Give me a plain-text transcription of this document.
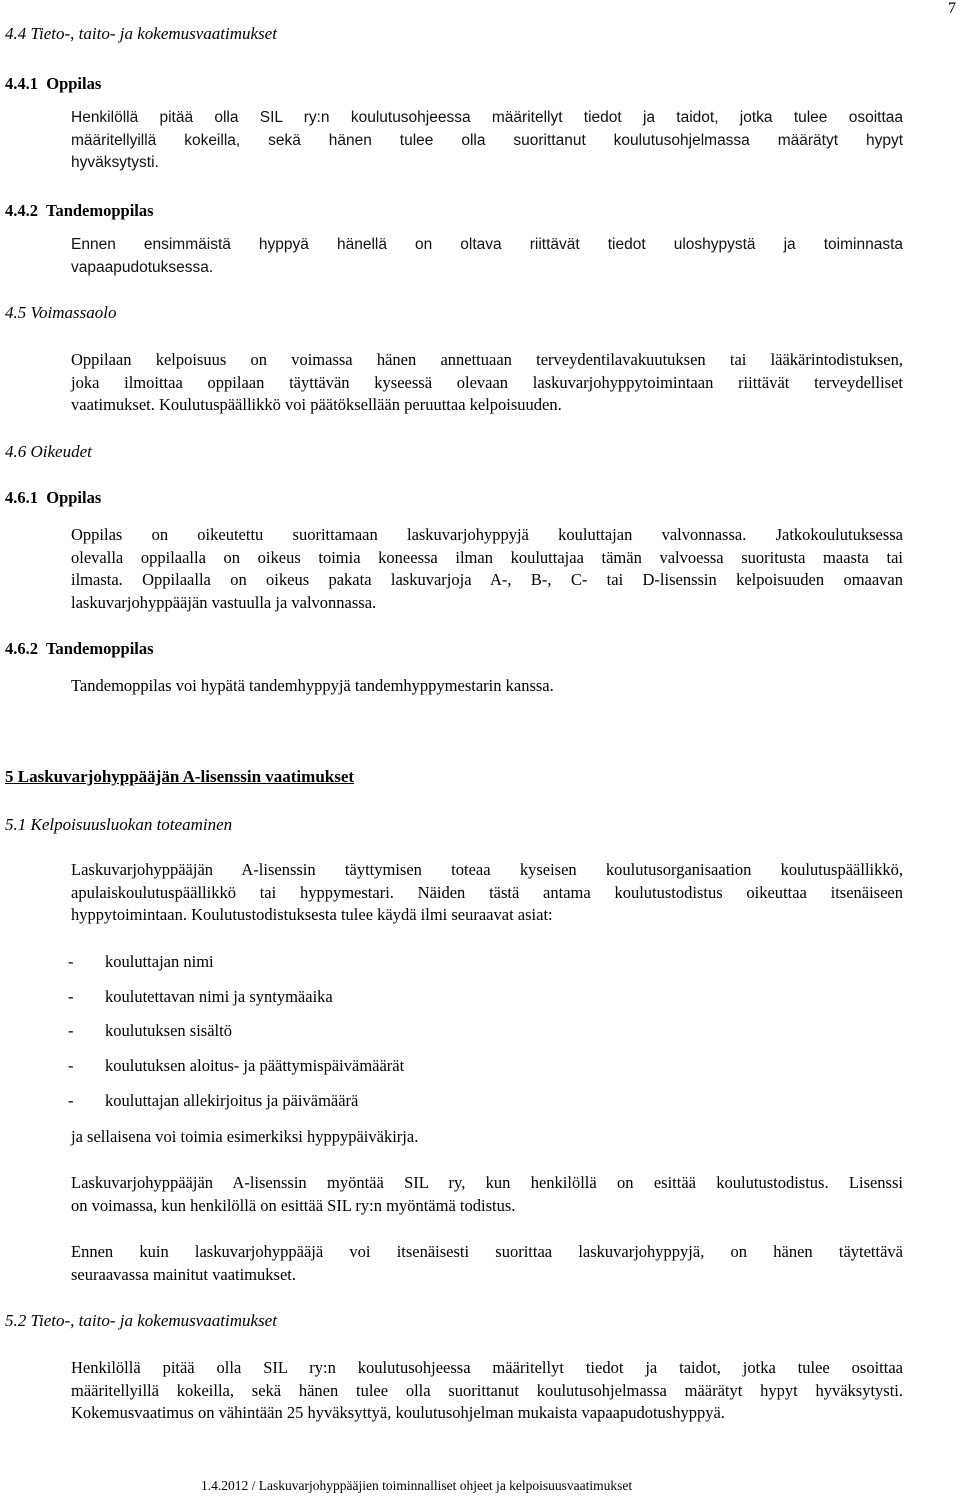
7
4.4 Tieto-, taito- ja kokemusvaatimukset
4.4.1 Oppilas
Henkilöllä pitää olla SIL ry:n koulutusohjeessa määritellyt tiedot ja taidot, jotka tulee osoittaa
määritellyillä kokeilla, sekä hänen tulee olla suorittanut koulutusohjelmassa määrätyt hypyt
hyväksytysti.
4.4.2 Tandemoppilas
Ennen ensimmäistä hyppyä hänellä on oltava riittävät tiedot uloshypystä ja toiminnasta
vapaapudotuksessa.
4.5 Voimassaolo
Oppilaan kelpoisuus on voimassa hänen annettuaan terveydentilavakuutuksen tai lääkärintodistuksen,
joka ilmoittaa oppilaan täyttävän kyseessä olevaan laskuvarjohyppytoimintaan riittävät terveydelliset
vaatimukset. Koulutuspäällikkö voi päätöksellään peruuttaa kelpoisuuden.
4.6 Oikeudet
4.6.1 Oppilas
Oppilas on oikeutettu suorittamaan laskuvarjohyppyjä kouluttajan valvonnassa. Jatkokoulutuksessa
olevalla oppilaalla on oikeus toimia koneessa ilman kouluttajaa tämän valvoessa suoritusta maasta tai
ilmasta. Oppilaalla on oikeus pakata laskuvarjoja A-, B-, C- tai D-lisenssin kelpoisuuden omaavan
laskuvarjohyppääjän vastuulla ja valvonnassa.
4.6.2 Tandemoppilas
Tandemoppilas voi hypätä tandemhyppyjä tandemhyppymestarin kanssa.
5 Laskuvarjohyppääjän A-lisenssin vaatimukset
5.1 Kelpoisuusluokan toteaminen
Laskuvarjohyppääjän A-lisenssin täyttymisen toteaa kyseisen koulutusorganisaation koulutuspäällikkö,
apulaiskoulutuspäällikkö tai hyppymestari. Näiden tästä antama koulutustodistus oikeuttaa itsenäiseen
hyppytoimintaan. Koulutustodistuksesta tulee käydä ilmi seuraavat asiat:
- kouluttajan nimi
- koulutettavan nimi ja syntymäaika
- koulutuksen sisältö
- koulutuksen aloitus- ja päättymispäivämäärät
- kouluttajan allekirjoitus ja päivämäärä
ja sellaisena voi toimia esimerkiksi hyppypäiväkirja.
Laskuvarjohyppääjän A-lisenssin myöntää SIL ry, kun henkilöllä on esittää koulutustodistus. Lisenssi
on voimassa, kun henkilöllä on esittää SIL ry:n myöntämä todistus.
Ennen kuin laskuvarjohyppääjä voi itsenäisesti suorittaa laskuvarjohyppyjä, on hänen täytettävä
seuraavassa mainitut vaatimukset.
5.2 Tieto-, taito- ja kokemusvaatimukset
Henkilöllä pitää olla SIL ry:n koulutusohjeessa määritellyt tiedot ja taidot, jotka tulee osoittaa
määritellyillä kokeilla, sekä hänen tulee olla suorittanut koulutusohjelmassa määrätyt hypyt hyväksytysti.
Kokemusvaatimus on vähintään 25 hyväksyttyä, koulutusohjelman mukaista vapaapudotushyppyä.
1.4.2012 / Laskuvarjohyppääjien toiminnalliset ohjeet ja kelpoisuusvaatimukset
